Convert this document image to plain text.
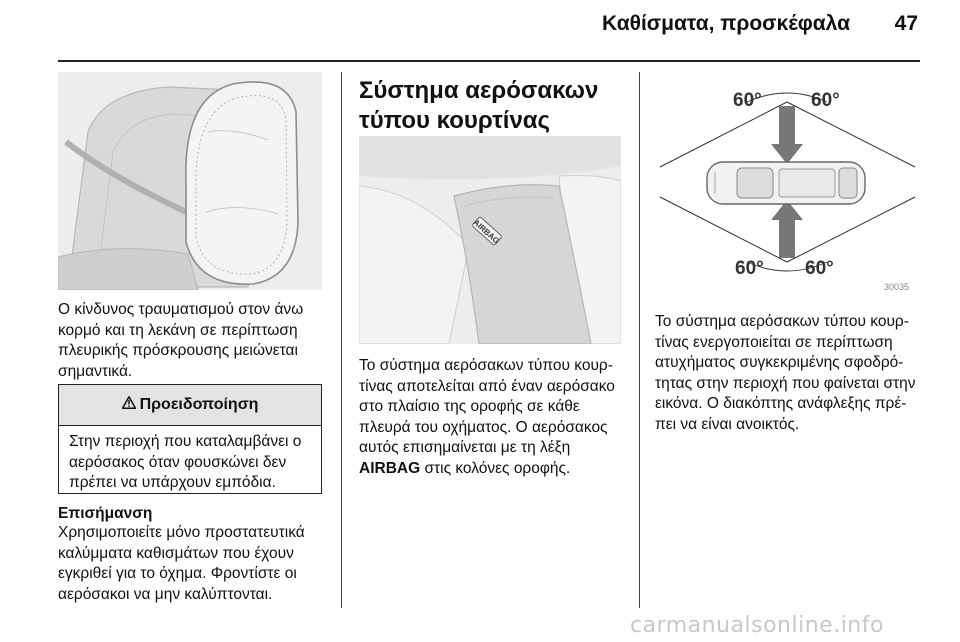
Καθίσματα, προσκέφαλα	47

Ο κίνδυνος τραυματισμού στον άνω κορμό και τη λεκάνη σε περίπτωση πλευρικής πρόσκρουσης μειώνεται σημαντικά.

Προειδοποίηση

Στην περιοχή που καταλαμβάνει ο αερόσακος όταν φουσκώνει δεν πρέπει να υπάρχουν εμπόδια.

Επισήμανση

Χρησιμοποιείτε μόνο προστατευτικά καλύμματα καθισμάτων που έχουν εγκριθεί για το όχημα. Φροντίστε οι αερόσακοι να μην καλύπτονται.

Σύστημα αερόσακων τύπου κουρτίνας
AIRBAG

Το σύστημα αερόσακων τύπου κουρ-τίνας αποτελείται από έναν αερόσακο στο πλαίσιο της οροφής σε κάθε πλευρά του οχήματος. Ο αερόσακος αυτός επισημαίνεται με τη λέξη AIRBAG στις κολόνες οροφής.

60°	60°
60° 60°
30035

Το σύστημα αερόσακων τύπου κουρ-τίνας ενεργοποιείται σε περίπτωση ατυχήματος συγκεκριμένης σφοδρό-τητας στην περιοχή που φαίνεται στην εικόνα. Ο διακόπτης ανάφλεξης πρέ-πει να είναι ανοικτός.

carmanualsonline.info
